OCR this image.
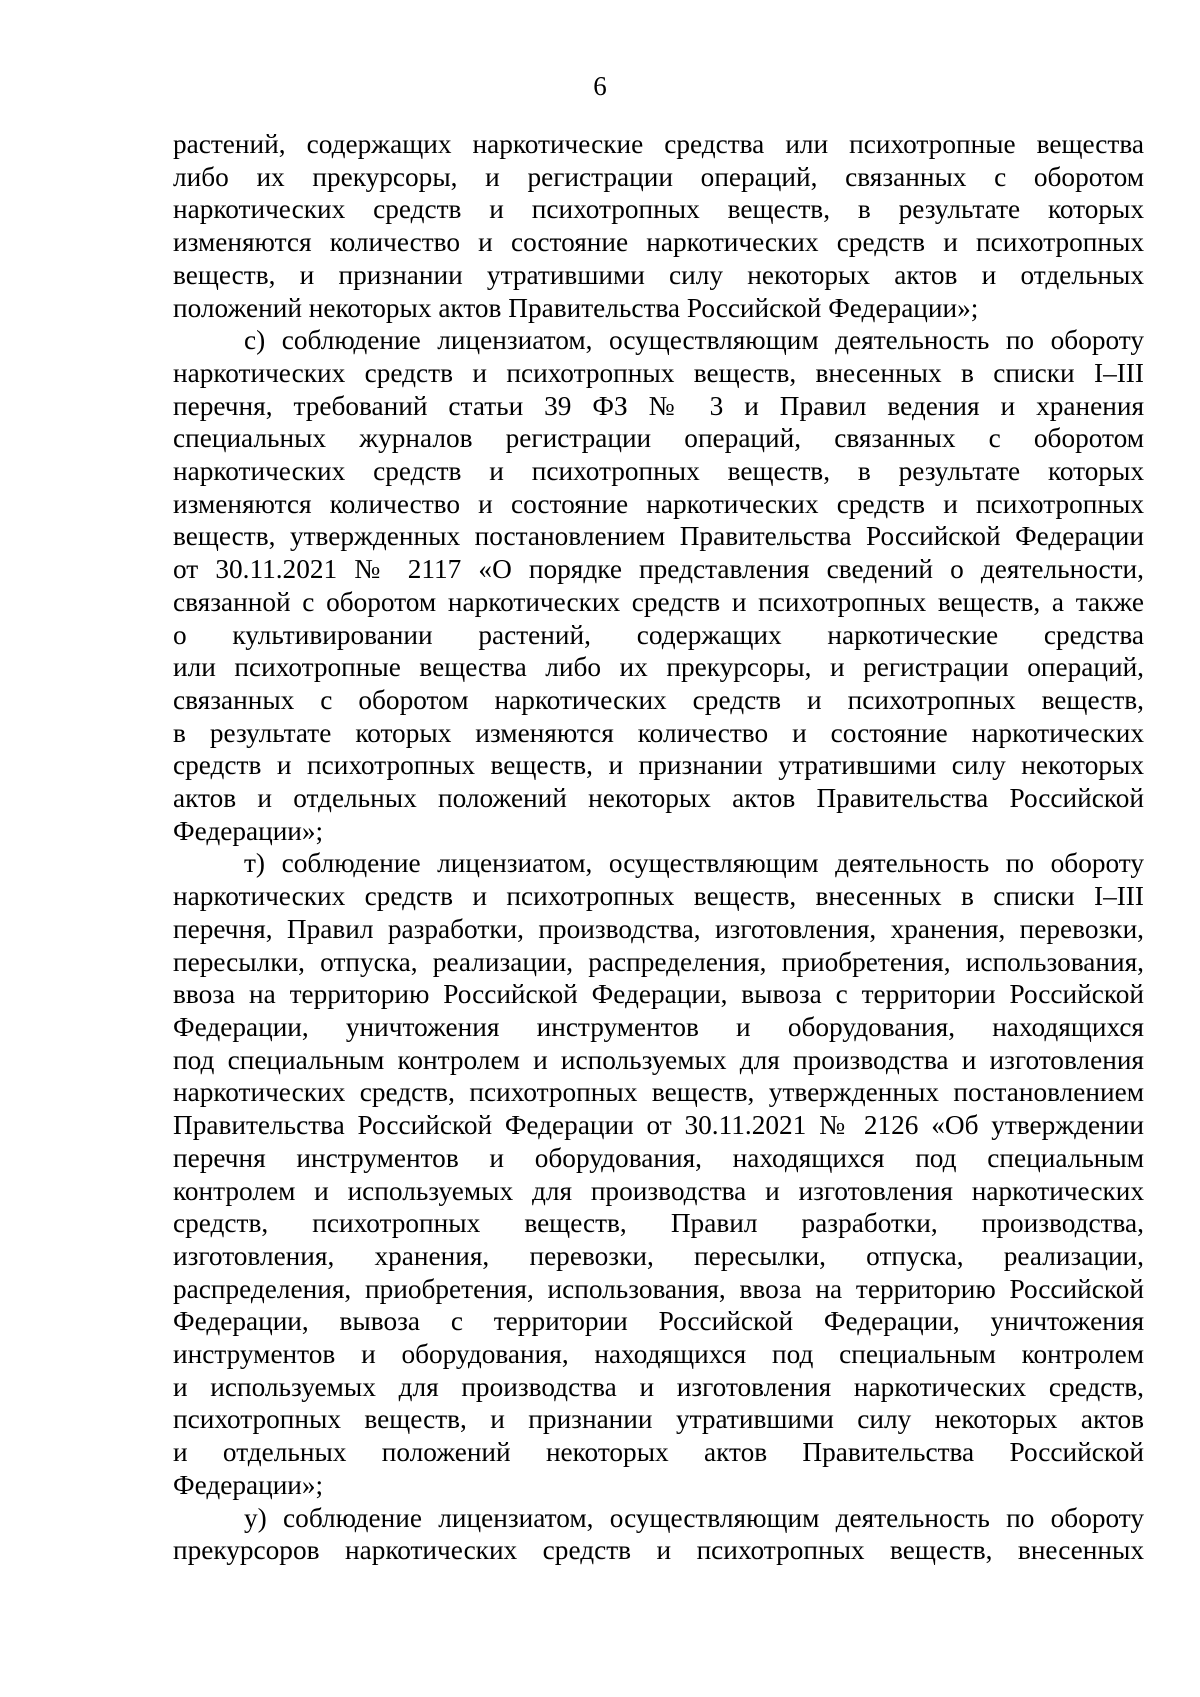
6

растений, содержащих наркотические средства или психотропные вещества
либо их прекурсоры, и регистрации операций, связанных с оборотом
наркотических средств и психотропных веществ, в результате которых
изменяются количество и состояние наркотических средств и психотропных
веществ, и признании утратившими силу некоторых актов и отдельных
положений некоторых актов Правительства Российской Федерации»;

с) соблюдение лицензиатом, осуществляющим деятельность по обороту
наркотических средств и психотропных веществ, внесенных в списки I–III
перечня, требований статьи 39 ФЗ № 3 и Правил ведения и хранения
специальных журналов регистрации операций, связанных с оборотом
наркотических средств и психотропных веществ, в результате которых
изменяются количество и состояние наркотических средств и психотропных
веществ, утвержденных постановлением Правительства Российской Федерации
от 30.11.2021 № 2117 «О порядке представления сведений о деятельности,
связанной с оборотом наркотических средств и психотропных веществ, а также
о культивировании растений, содержащих наркотические средства
или психотропные вещества либо их прекурсоры, и регистрации операций,
связанных с оборотом наркотических средств и психотропных веществ,
в результате которых изменяются количество и состояние наркотических
средств и психотропных веществ, и признании утратившими силу некоторых
актов и отдельных положений некоторых актов Правительства Российской
Федерации»;

т) соблюдение лицензиатом, осуществляющим деятельность по обороту
наркотических средств и психотропных веществ, внесенных в списки I–III
перечня, Правил разработки, производства, изготовления, хранения, перевозки,
пересылки, отпуска, реализации, распределения, приобретения, использования,
ввоза на территорию Российской Федерации, вывоза с территории Российской
Федерации, уничтожения инструментов и оборудования, находящихся
под специальным контролем и используемых для производства и изготовления
наркотических средств, психотропных веществ, утвержденных постановлением
Правительства Российской Федерации от 30.11.2021 № 2126 «Об утверждении
перечня инструментов и оборудования, находящихся под специальным
контролем и используемых для производства и изготовления наркотических
средств, психотропных веществ, Правил разработки, производства,
изготовления, хранения, перевозки, пересылки, отпуска, реализации,
распределения, приобретения, использования, ввоза на территорию Российской
Федерации, вывоза с территории Российской Федерации, уничтожения
инструментов и оборудования, находящихся под специальным контролем
и используемых для производства и изготовления наркотических средств,
психотропных веществ, и признании утратившими силу некоторых актов
и отдельных положений некоторых актов Правительства Российской
Федерации»;

у) соблюдение лицензиатом, осуществляющим деятельность по обороту
прекурсоров наркотических средств и психотропных веществ, внесенных
